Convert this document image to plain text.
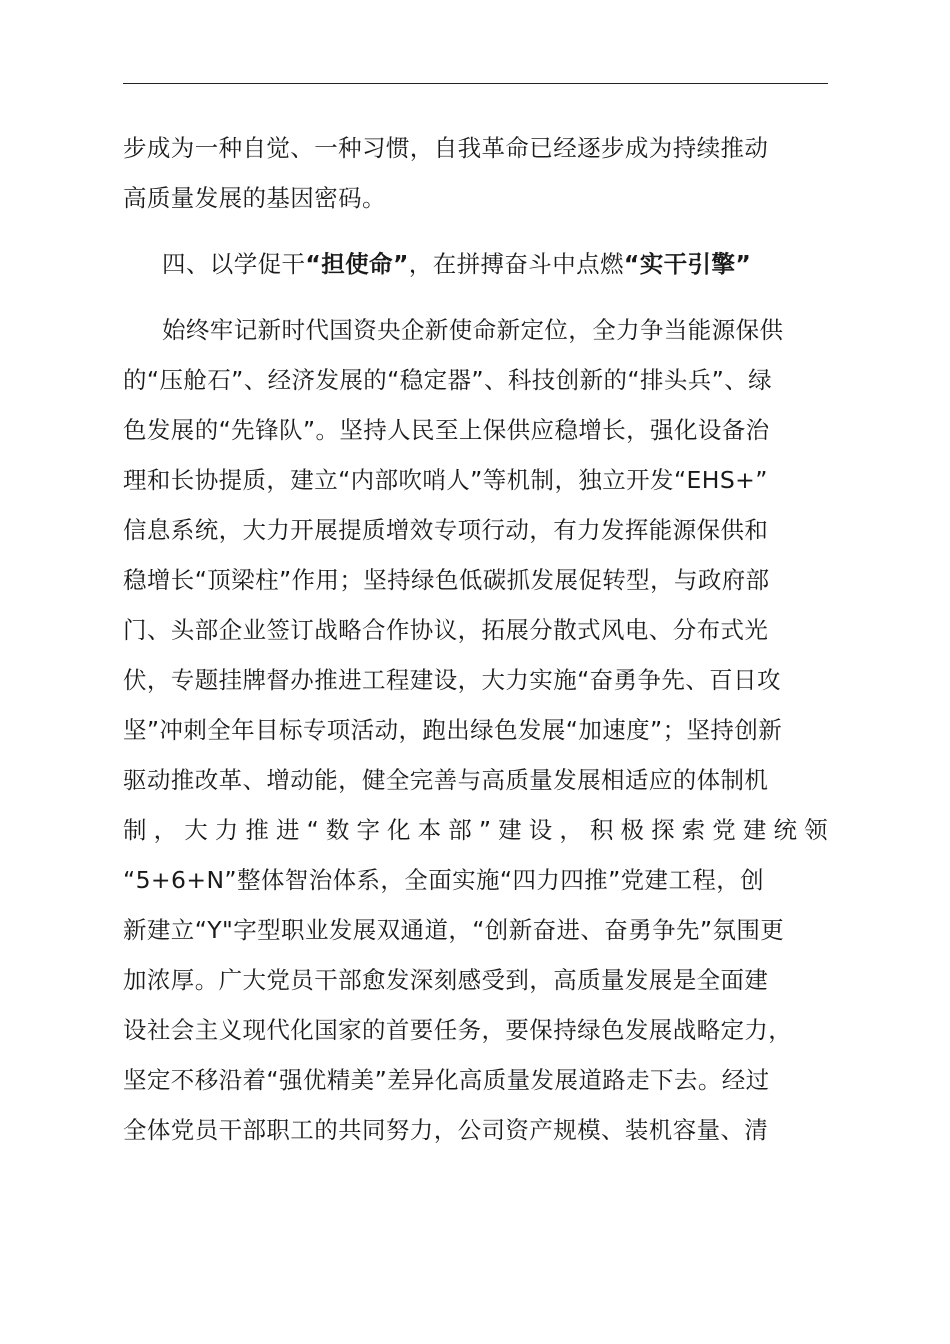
步成为一种自觉、一种习惯，自我革命已经逐步成为持续推动
高质量发展的基因密码。
四、以学促干“担使命”，在拼搏奋斗中点燃“实干引擎”
始终牢记新时代国资央企新使命新定位，全力争当能源保供
的“压舱石”、经济发展的“稳定器”、科技创新的“排头兵”、绿
色发展的“先锋队”。坚持人民至上保供应稳增长，强化设备治
理和长协提质，建立“内部吹哨人”等机制，独立开发“EHS+”
信息系统，大力开展提质增效专项行动，有力发挥能源保供和
稳增长“顶梁柱”作用；坚持绿色低碳抓发展促转型，与政府部
门、头部企业签订战略合作协议，拓展分散式风电、分布式光
伏，专题挂牌督办推进工程建设，大力实施“奋勇争先、百日攻
坚”冲刺全年目标专项活动，跑出绿色发展“加速度”；坚持创新
驱动推改革、增动能，健全完善与高质量发展相适应的体制机
制，大力推进“数字化本部”建设，积极探索党建统领
“5+6+N”整体智治体系，全面实施“四力四推”党建工程，创
新建立“Y"字型职业发展双通道，“创新奋进、奋勇争先”氛围更
加浓厚。广大党员干部愈发深刻感受到，高质量发展是全面建
设社会主义现代化国家的首要任务，要保持绿色发展战略定力，
坚定不移沿着“强优精美”差异化高质量发展道路走下去。经过
全体党员干部职工的共同努力，公司资产规模、装机容量、清
